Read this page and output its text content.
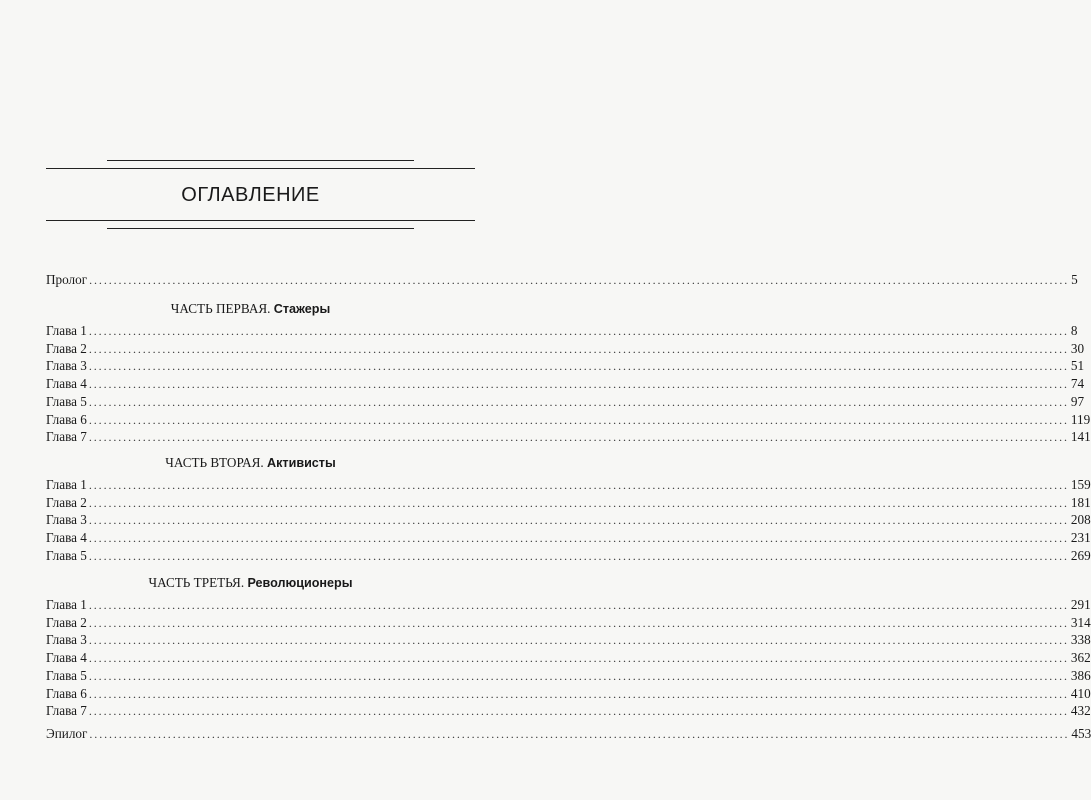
ОГЛАВЛЕНИЕ
Пролог ........................................................................................................................................................................................................ 5
ЧАСТЬ ПЕРВАЯ. Стажеры
Глава 1 ........................................................................................................................................................................................................ 8
Глава 2 ........................................................................................................................................................................................................ 30
Глава 3 ........................................................................................................................................................................................................ 51
Глава 4 ........................................................................................................................................................................................................ 74
Глава 5 ........................................................................................................................................................................................................ 97
Глава 6 ........................................................................................................................................................................................................ 119
Глава 7 ........................................................................................................................................................................................................ 141
ЧАСТЬ ВТОРАЯ. Активисты
Глава 1 ........................................................................................................................................................................................................ 159
Глава 2 ........................................................................................................................................................................................................ 181
Глава 3 ........................................................................................................................................................................................................ 208
Глава 4 ........................................................................................................................................................................................................ 231
Глава 5 ........................................................................................................................................................................................................ 269
ЧАСТЬ ТРЕТЬЯ. Революционеры
Глава 1 ........................................................................................................................................................................................................ 291
Глава 2 ........................................................................................................................................................................................................ 314
Глава 3 ........................................................................................................................................................................................................ 338
Глава 4 ........................................................................................................................................................................................................ 362
Глава 5 ........................................................................................................................................................................................................ 386
Глава 6 ........................................................................................................................................................................................................ 410
Глава 7 ........................................................................................................................................................................................................ 432
Эпилог ........................................................................................................................................................................................................ 453
